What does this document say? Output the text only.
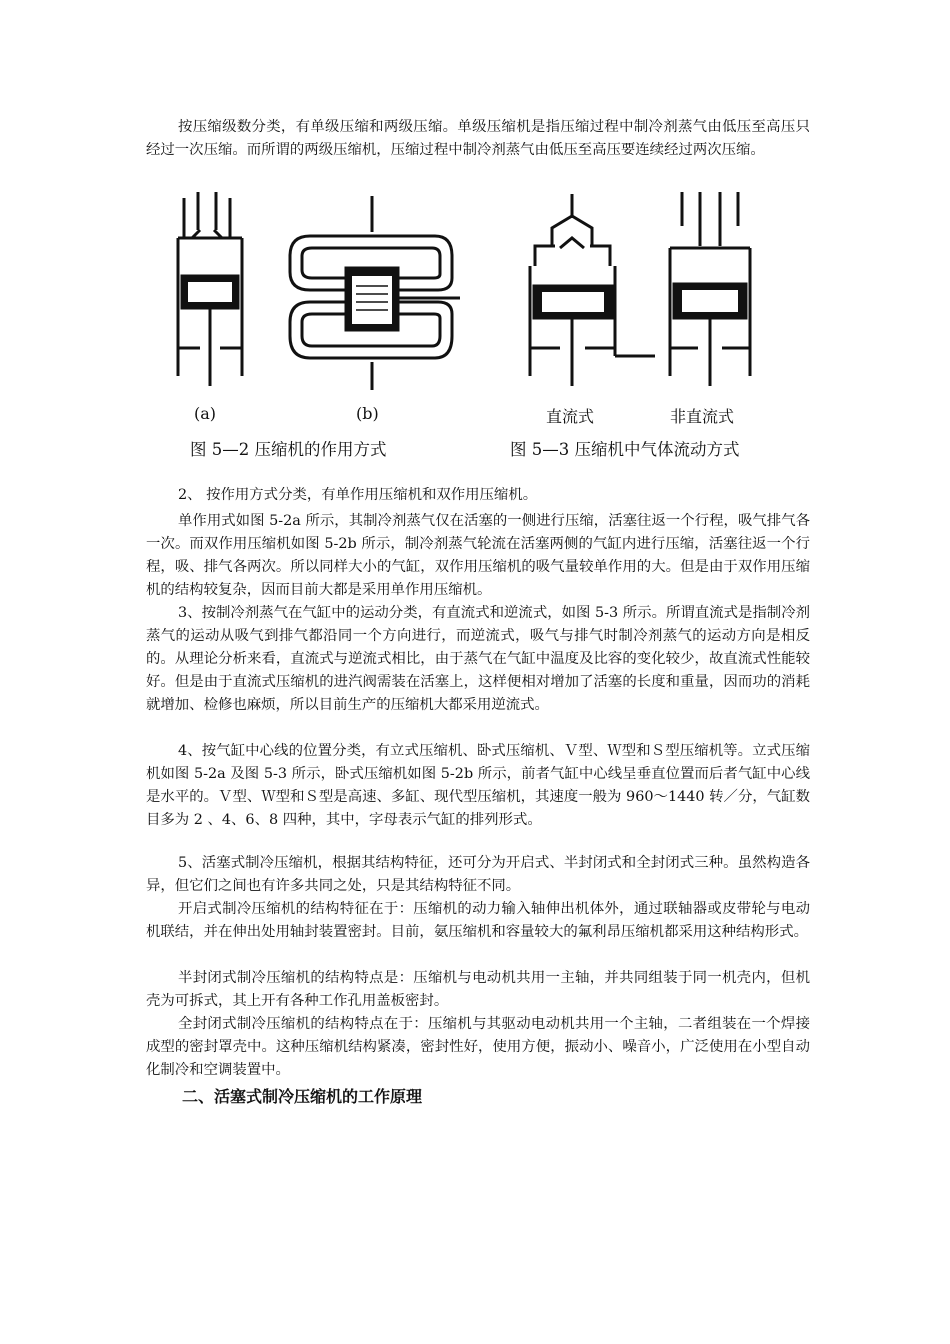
按压缩级数分类，有单级压缩和两级压缩。单级压缩机是指压缩过程中制冷剂蒸气由低压至高压只经过一次压缩。而所谓的两级压缩机，压缩过程中制冷剂蒸气由低压至高压要连续经过两次压缩。

(a)	(b)	直流式	非直流式
图 5—2 压缩机的作用方式	图 5—3 压缩机中气体流动方式

2、 按作用方式分类，有单作用压缩机和双作用压缩机。

单作用式如图 5-2a 所示，其制冷剂蒸气仅在活塞的一侧进行压缩，活塞往返一个行程，吸气排气各一次。而双作用压缩机如图 5-2b 所示，制冷剂蒸气轮流在活塞两侧的气缸内进行压缩，活塞往返一个行程，吸、排气各两次。所以同样大小的气缸，双作用压缩机的吸气量较单作用的大。但是由于双作用压缩机的结构较复杂，因而目前大都是采用单作用压缩机。

3、按制冷剂蒸气在气缸中的运动分类，有直流式和逆流式，如图 5-3 所示。所谓直流式是指制冷剂蒸气的运动从吸气到排气都沿同一个方向进行，而逆流式，吸气与排气时制冷剂蒸气的运动方向是相反的。从理论分析来看，直流式与逆流式相比，由于蒸气在气缸中温度及比容的变化较少，故直流式性能较好。但是由于直流式压缩机的进汽阀需装在活塞上，这样便相对增加了活塞的长度和重量，因而功的消耗就增加、检修也麻烦，所以目前生产的压缩机大都采用逆流式。

4、按气缸中心线的位置分类，有立式压缩机、卧式压缩机、Ｖ型、Ｗ型和Ｓ型压缩机等。立式压缩机如图 5-2a 及图 5-3 所示，卧式压缩机如图 5-2b 所示，前者气缸中心线呈垂直位置而后者气缸中心线是水平的。Ｖ型、Ｗ型和Ｓ型是高速、多缸、现代型压缩机，其速度一般为 960～1440 转／分，气缸数目多为 2 、4、6、8 四种，其中，字母表示气缸的排列形式。

5、活塞式制冷压缩机，根据其结构特征，还可分为开启式、半封闭式和全封闭式三种。虽然构造各异，但它们之间也有许多共同之处，只是其结构特征不同。

开启式制冷压缩机的结构特征在于：压缩机的动力输入轴伸出机体外，通过联轴器或皮带轮与电动机联结，并在伸出处用轴封装置密封。目前，氨压缩机和容量较大的氟利昂压缩机都采用这种结构形式。

半封闭式制冷压缩机的结构特点是：压缩机与电动机共用一主轴，并共同组装于同一机壳内，但机壳为可拆式，其上开有各种工作孔用盖板密封。

全封闭式制冷压缩机的结构特点在于：压缩机与其驱动电动机共用一个主轴，二者组装在一个焊接成型的密封罩壳中。这种压缩机结构紧凑，密封性好，使用方便，振动小、噪音小，广泛使用在小型自动化制冷和空调装置中。

二、活塞式制冷压缩机的工作原理
